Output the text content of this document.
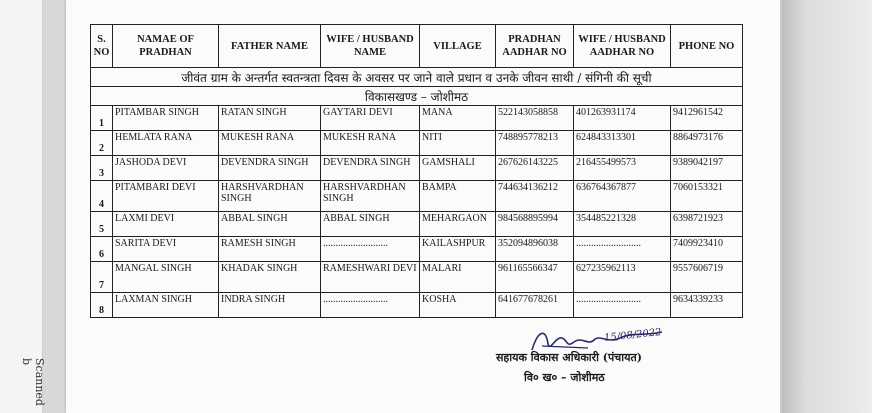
Scanned b
जीवंत ग्राम के अन्तर्गत स्वतन्त्रता दिवस के अवसर पर जाने वाले प्रधान व उनके जीवन साथी / संगिनी की सूची							
विकासखण्ड – जोशीमठ							
S. NO	NAMAE OF PRADHAN	FATHER NAME	WIFE / HUSBAND NAME	VILLAGE	PRADHAN AADHAR NO	WIFE / HUSBAND AADHAR NO	PHONE NO
1	PITAMBAR SINGH	RATAN SINGH	GAYTARI DEVI	MANA	522143058858	401263931174	9412961542
2	HEMLATA RANA	MUKESH RANA	MUKESH RANA	NITI	748895778213	624843313301	8864973176
3	JASHODA DEVI	DEVENDRA SINGH	DEVENDRA SINGH	GAMSHALI	267626143225	216455499573	9389042197
4	PITAMBARI DEVI	HARSHVARDHAN SINGH	HARSHVARDHAN SINGH	BAMPA	744634136212	636764367877	7060153321
5	LAXMI DEVI	ABBAL SINGH	ABBAL SINGH	MEHARGAON	984568895994	354485221328	6398721923
6	SARITA DEVI	RAMESH SINGH	..........................	KAILASHPUR	352094896038	..........................	7409923410
7	MANGAL SINGH	KHADAK SINGH	RAMESHWARI DEVI	MALARI	961165566347	627235962113	9557606719
8	LAXMAN SINGH	INDRA SINGH	..........................	KOSHA	641677678261	..........................	9634339233
15/08/2022
सहायक विकास अधिकारी (पंचायत)
वि० ख० – जोशीमठ
